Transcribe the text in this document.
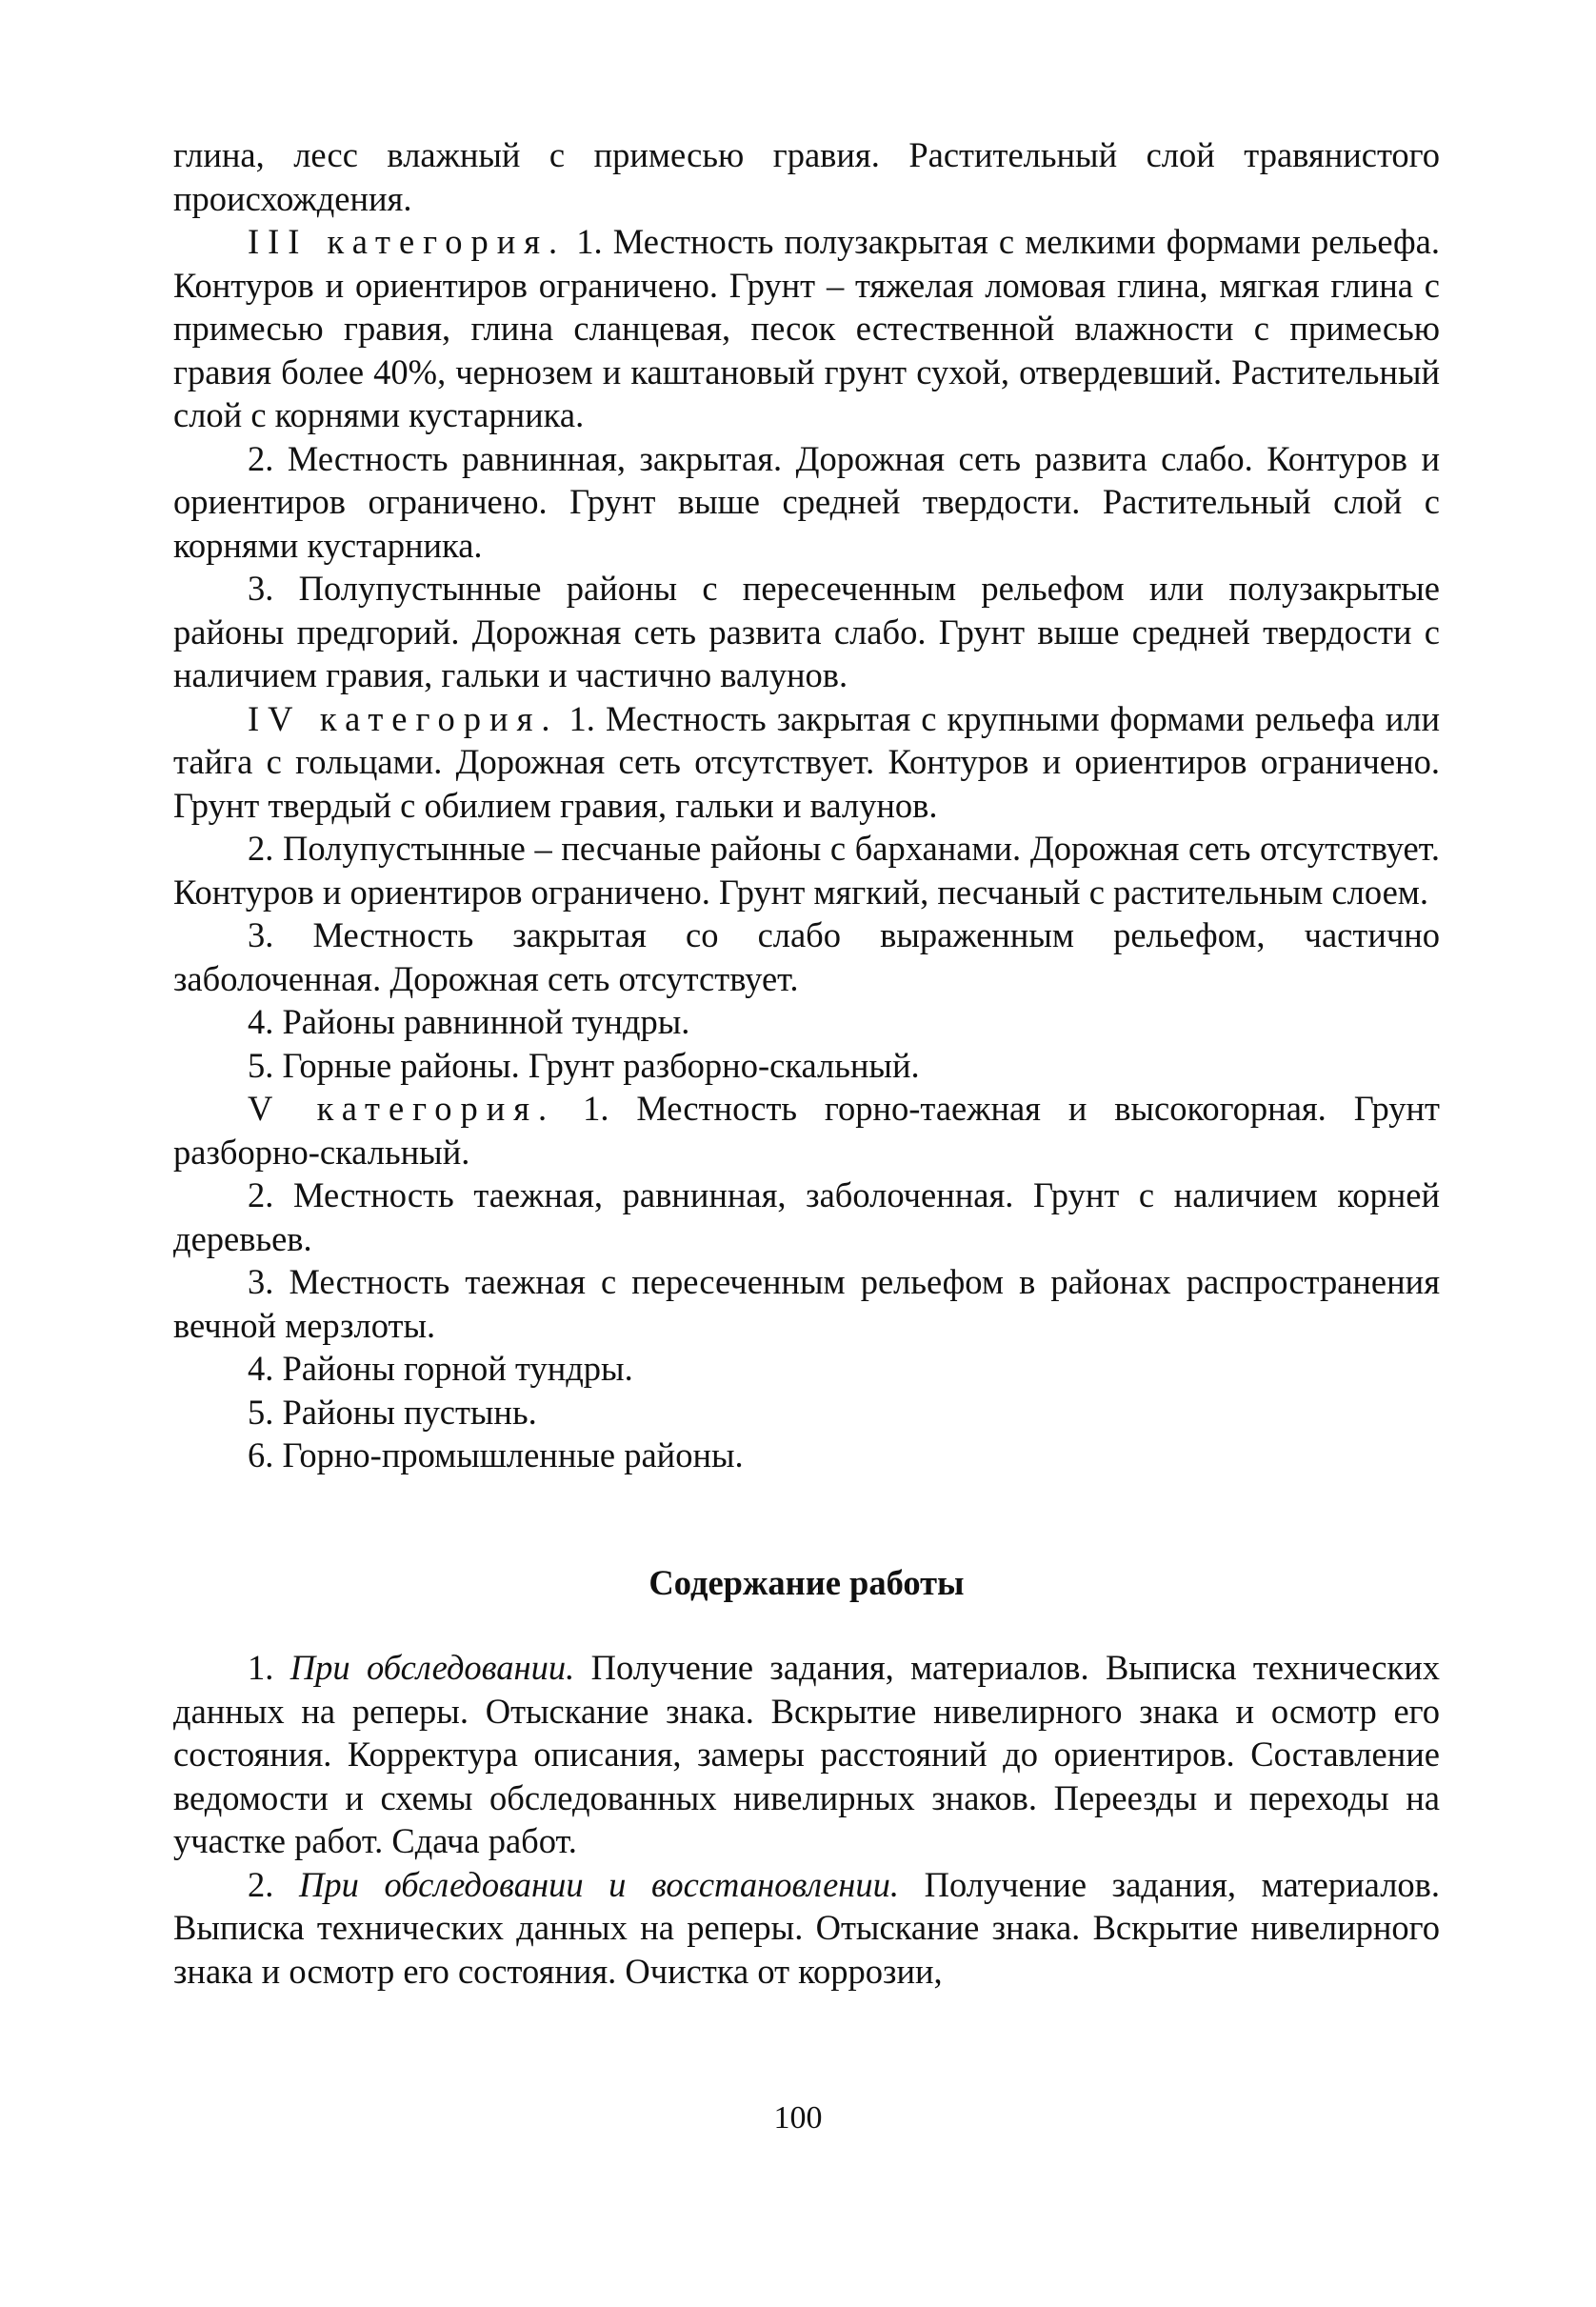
глина, лесс влажный с примесью гравия. Растительный слой травянистого происхождения.

III категория. 1. Местность полузакрытая с мелкими формами рельефа. Контуров и ориентиров ограничено. Грунт – тяжелая ломовая глина, мягкая глина с примесью гравия, глина сланцевая, песок естественной влажности с примесью гравия более 40%, чернозем и каштановый грунт сухой, отвердевший. Растительный слой с корнями кустарника.

2. Местность равнинная, закрытая. Дорожная сеть развита слабо. Контуров и ориентиров ограничено. Грунт выше средней твердости. Растительный слой с корнями кустарника.

3. Полупустынные районы с пересеченным рельефом или полузакрытые районы предгорий. Дорожная сеть развита слабо. Грунт выше средней твердости с наличием гравия, гальки и частично валунов.

IV категория. 1. Местность закрытая с крупными формами рельефа или тайга с гольцами. Дорожная сеть отсутствует. Контуров и ориентиров ограничено. Грунт твердый с обилием гравия, гальки и валунов.

2. Полупустынные – песчаные районы с барханами. Дорожная сеть отсутствует. Контуров и ориентиров ограничено. Грунт мягкий, песчаный с растительным слоем.

3. Местность закрытая со слабо выраженным рельефом, частично заболоченная. Дорожная сеть отсутствует.

4. Районы равнинной тундры.

5. Горные районы. Грунт разборно-скальный.

V категория. 1. Местность горно-таежная и высокогорная. Грунт разборно-скальный.

2. Местность таежная, равнинная, заболоченная. Грунт с наличием корней деревьев.

3. Местность таежная с пересеченным рельефом в районах распространения вечной мерзлоты.

4. Районы горной тундры.

5. Районы пустынь.

6. Горно-промышленные районы.

Содержание работы

1. При обследовании. Получение задания, материалов. Выписка технических данных на реперы. Отыскание знака. Вскрытие нивелирного знака и осмотр его состояния. Корректура описания, замеры расстояний до ориентиров. Составление ведомости и схемы обследованных нивелирных знаков. Переезды и переходы на участке работ. Сдача работ.

2. При обследовании и восстановлении. Получение задания, материалов. Выписка технических данных на реперы. Отыскание знака. Вскрытие нивелирного знака и осмотр его состояния. Очистка от коррозии,

100
